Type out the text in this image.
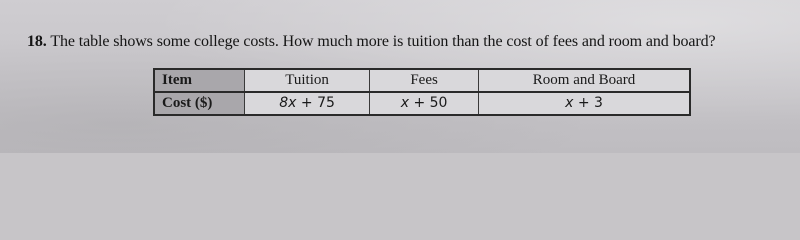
18. The table shows some college costs. How much more is tuition than the cost of fees and room and board?
Item	Tuition	Fees	Room and Board
Cost ($)	8x + 75	x + 50	x + 3
